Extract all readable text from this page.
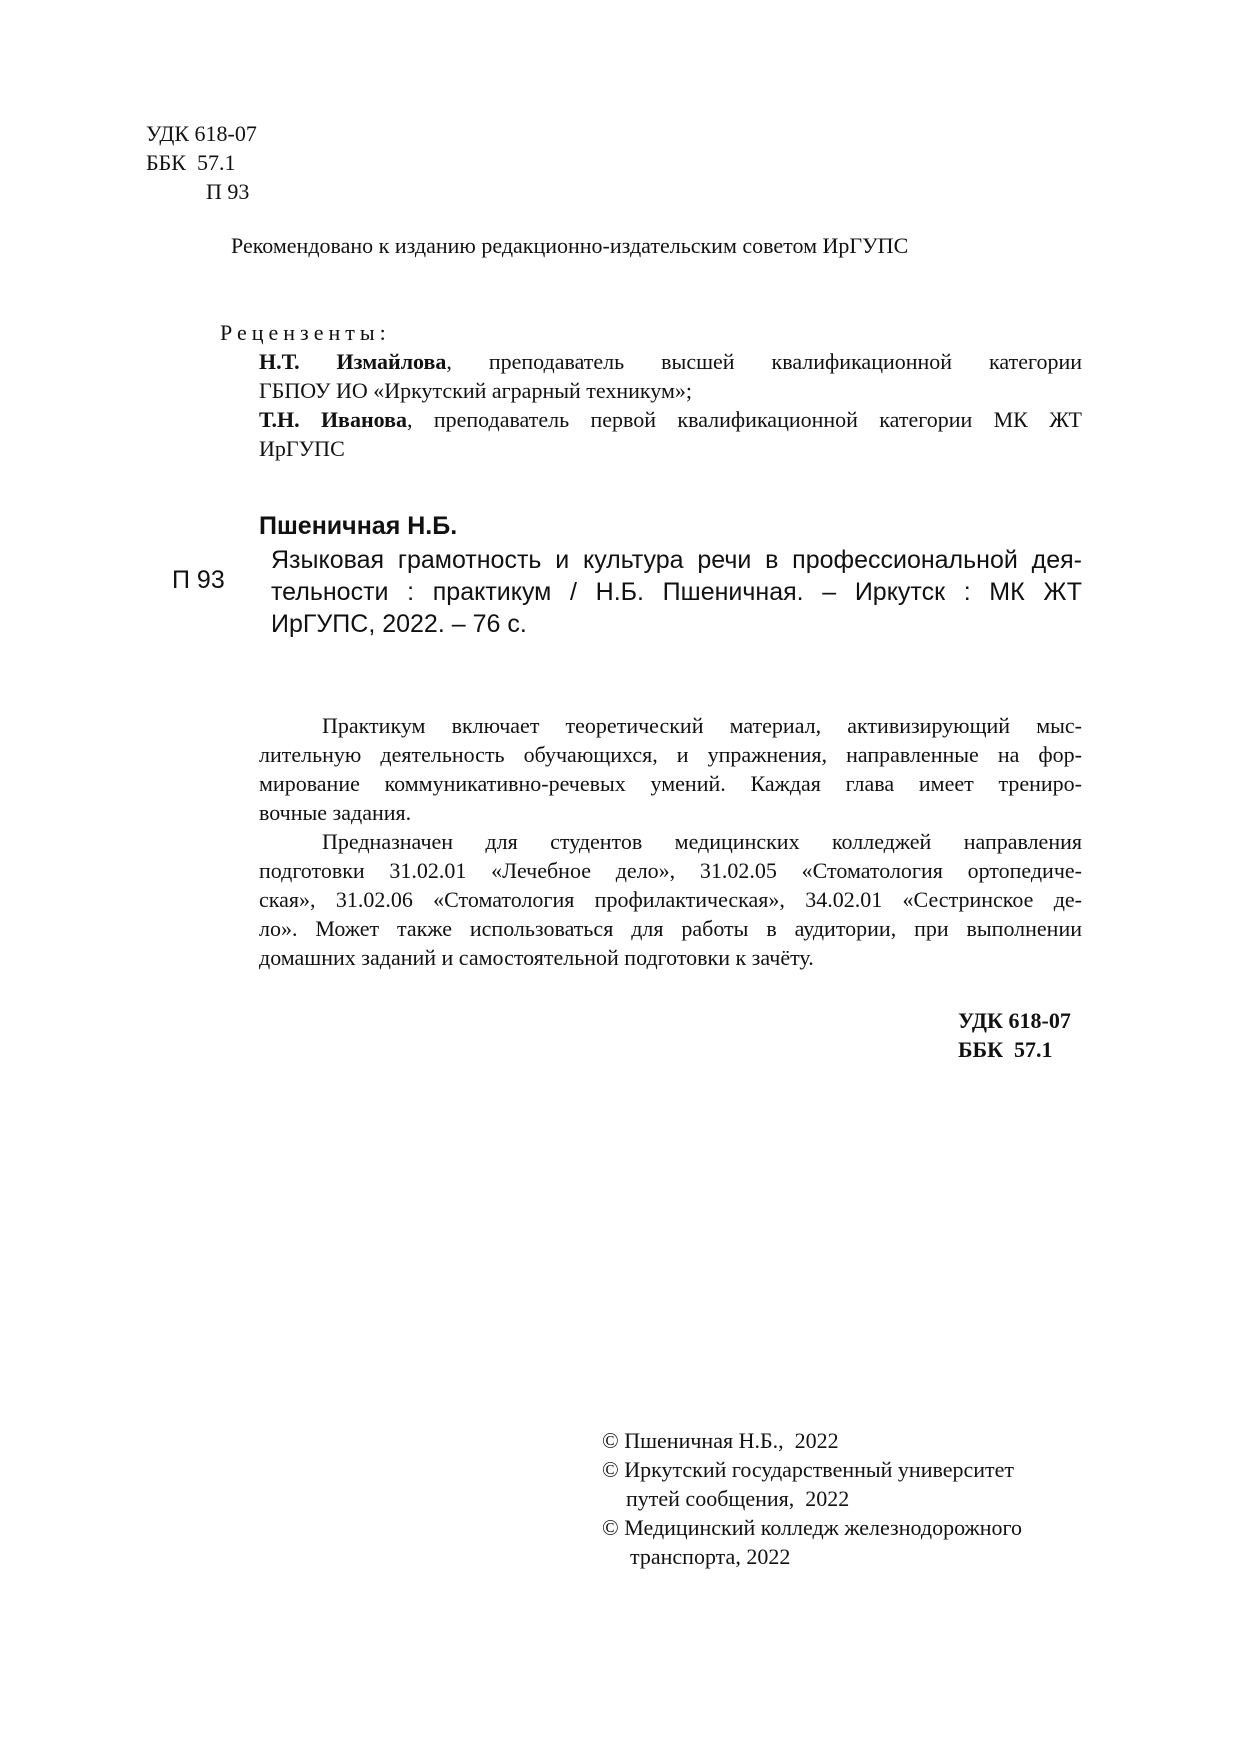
УДК 618-07
ББК  57.1
П 93
Рекомендовано к изданию редакционно-издательским советом ИрГУПС
Рецензенты:
Н.Т. Измайлова, преподаватель высшей квалификационной категории
ГБПОУ ИО «Иркутский аграрный техникум»;
Т.Н. Иванова, преподаватель первой квалификационной категории МК ЖТ
ИрГУПС
Пшеничная Н.Б.
П 93
Языковая грамотность и культура речи в профессиональной дея-
тельности : практикум / Н.Б. Пшеничная. – Иркутск : МК ЖТ
ИрГУПС, 2022. – 76 с.
Практикум включает теоретический материал, активизирующий мыс-
лительную деятельность обучающихся, и упражнения, направленные на фор-
мирование коммуникативно-речевых умений. Каждая глава имеет трениро-
вочные задания.
Предназначен для студентов медицинских колледжей направления
подготовки 31.02.01 «Лечебное дело», 31.02.05 «Стоматология ортопедиче-
ская», 31.02.06 «Стоматология профилактическая», 34.02.01 «Сестринское де-
ло». Может также использоваться для работы в аудитории, при выполнении
домашних заданий и самостоятельной подготовки к зачёту.
УДК 618-07
ББК  57.1
© Пшеничная Н.Б.,  2022
© Иркутский государственный университет
путей сообщения,  2022
© Медицинский колледж железнодорожного
транспорта, 2022
